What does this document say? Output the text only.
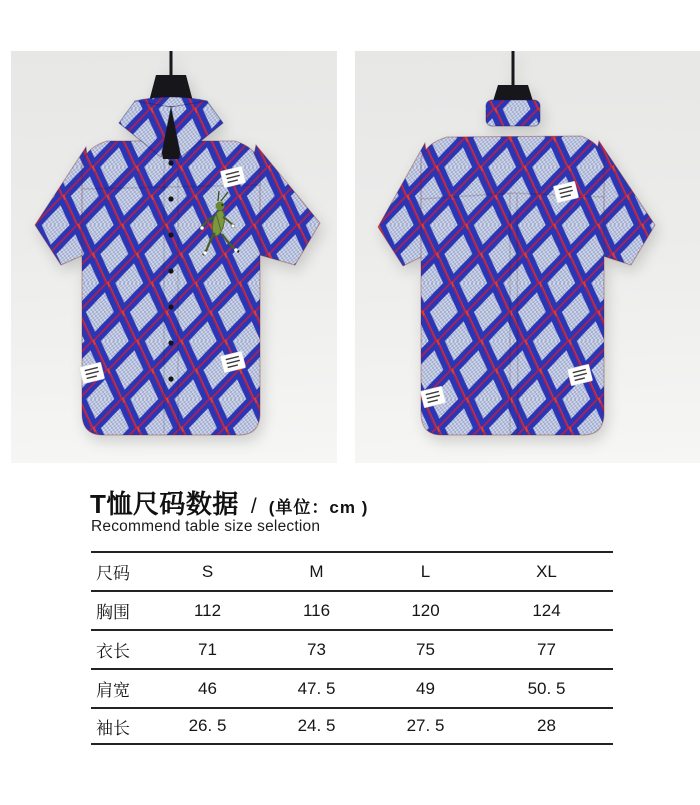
T恤尺码数据 / (单位：cm )
Recommend table size selection
尺码	S	M	L	XL
胸围	112	116	120	124
衣长	71	73	75	77
肩宽	46	47. 5	49	50. 5
袖长	26. 5	24. 5	27. 5	28
